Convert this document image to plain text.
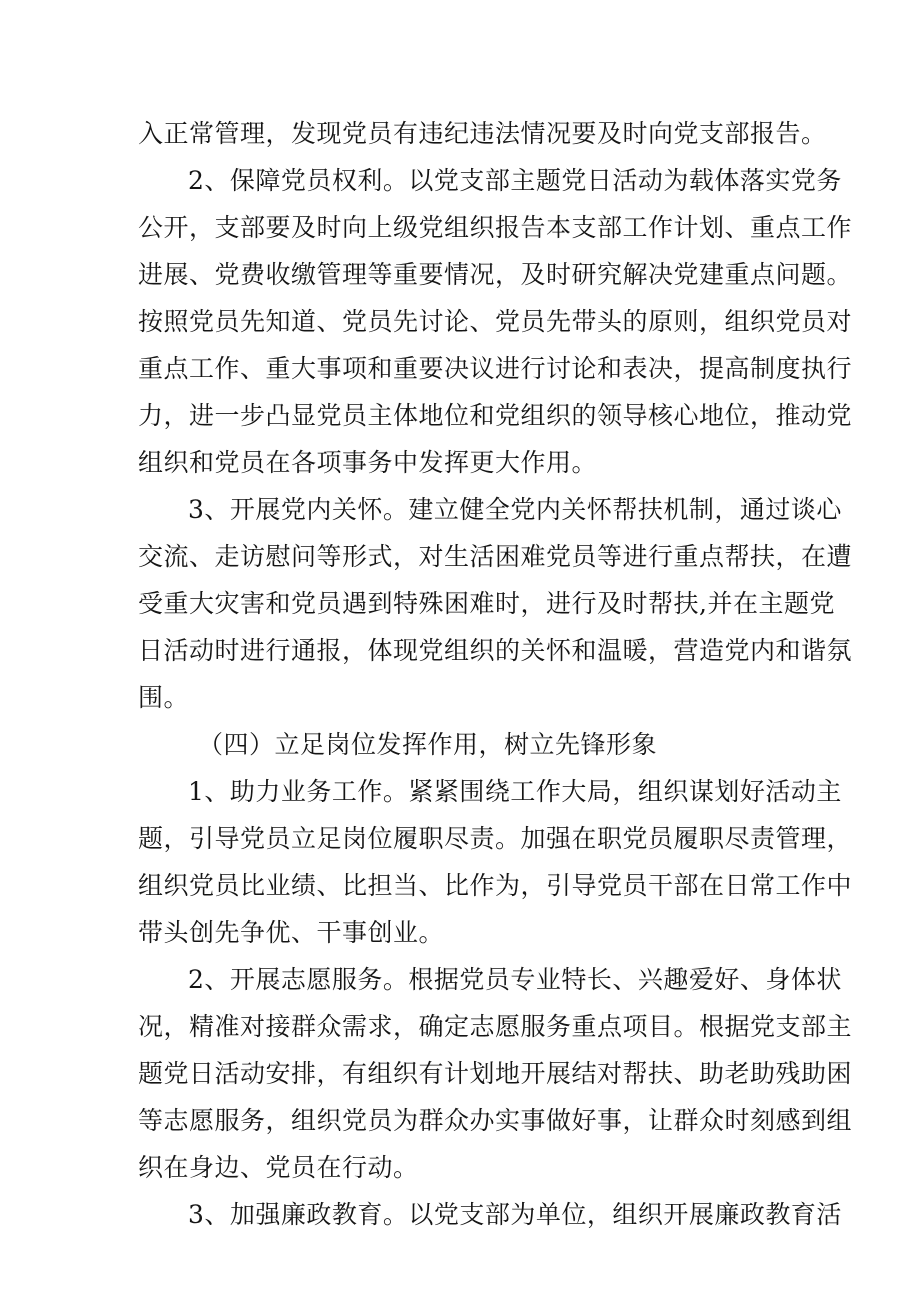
入正常管理，发现党员有违纪违法情况要及时向党支部报告。
2、保障党员权利。以党支部主题党日活动为载体落实党务
公开，支部要及时向上级党组织报告本支部工作计划、重点工作
进展、党费收缴管理等重要情况，及时研究解决党建重点问题。
按照党员先知道、党员先讨论、党员先带头的原则，组织党员对
重点工作、重大事项和重要决议进行讨论和表决，提高制度执行
力，进一步凸显党员主体地位和党组织的领导核心地位，推动党
组织和党员在各项事务中发挥更大作用。
3、开展党内关怀。建立健全党内关怀帮扶机制，通过谈心
交流、走访慰问等形式，对生活困难党员等进行重点帮扶，在遭
受重大灾害和党员遇到特殊困难时，进行及时帮扶,并在主题党
日活动时进行通报，体现党组织的关怀和温暖，营造党内和谐氛
围。
（四）立足岗位发挥作用，树立先锋形象
1、助力业务工作。紧紧围绕工作大局，组织谋划好活动主
题，引导党员立足岗位履职尽责。加强在职党员履职尽责管理，
组织党员比业绩、比担当、比作为，引导党员干部在日常工作中
带头创先争优、干事创业。
2、开展志愿服务。根据党员专业特长、兴趣爱好、身体状
况，精准对接群众需求，确定志愿服务重点项目。根据党支部主
题党日活动安排，有组织有计划地开展结对帮扶、助老助残助困
等志愿服务，组织党员为群众办实事做好事，让群众时刻感到组
织在身边、党员在行动。
3、加强廉政教育。以党支部为单位，组织开展廉政教育活
